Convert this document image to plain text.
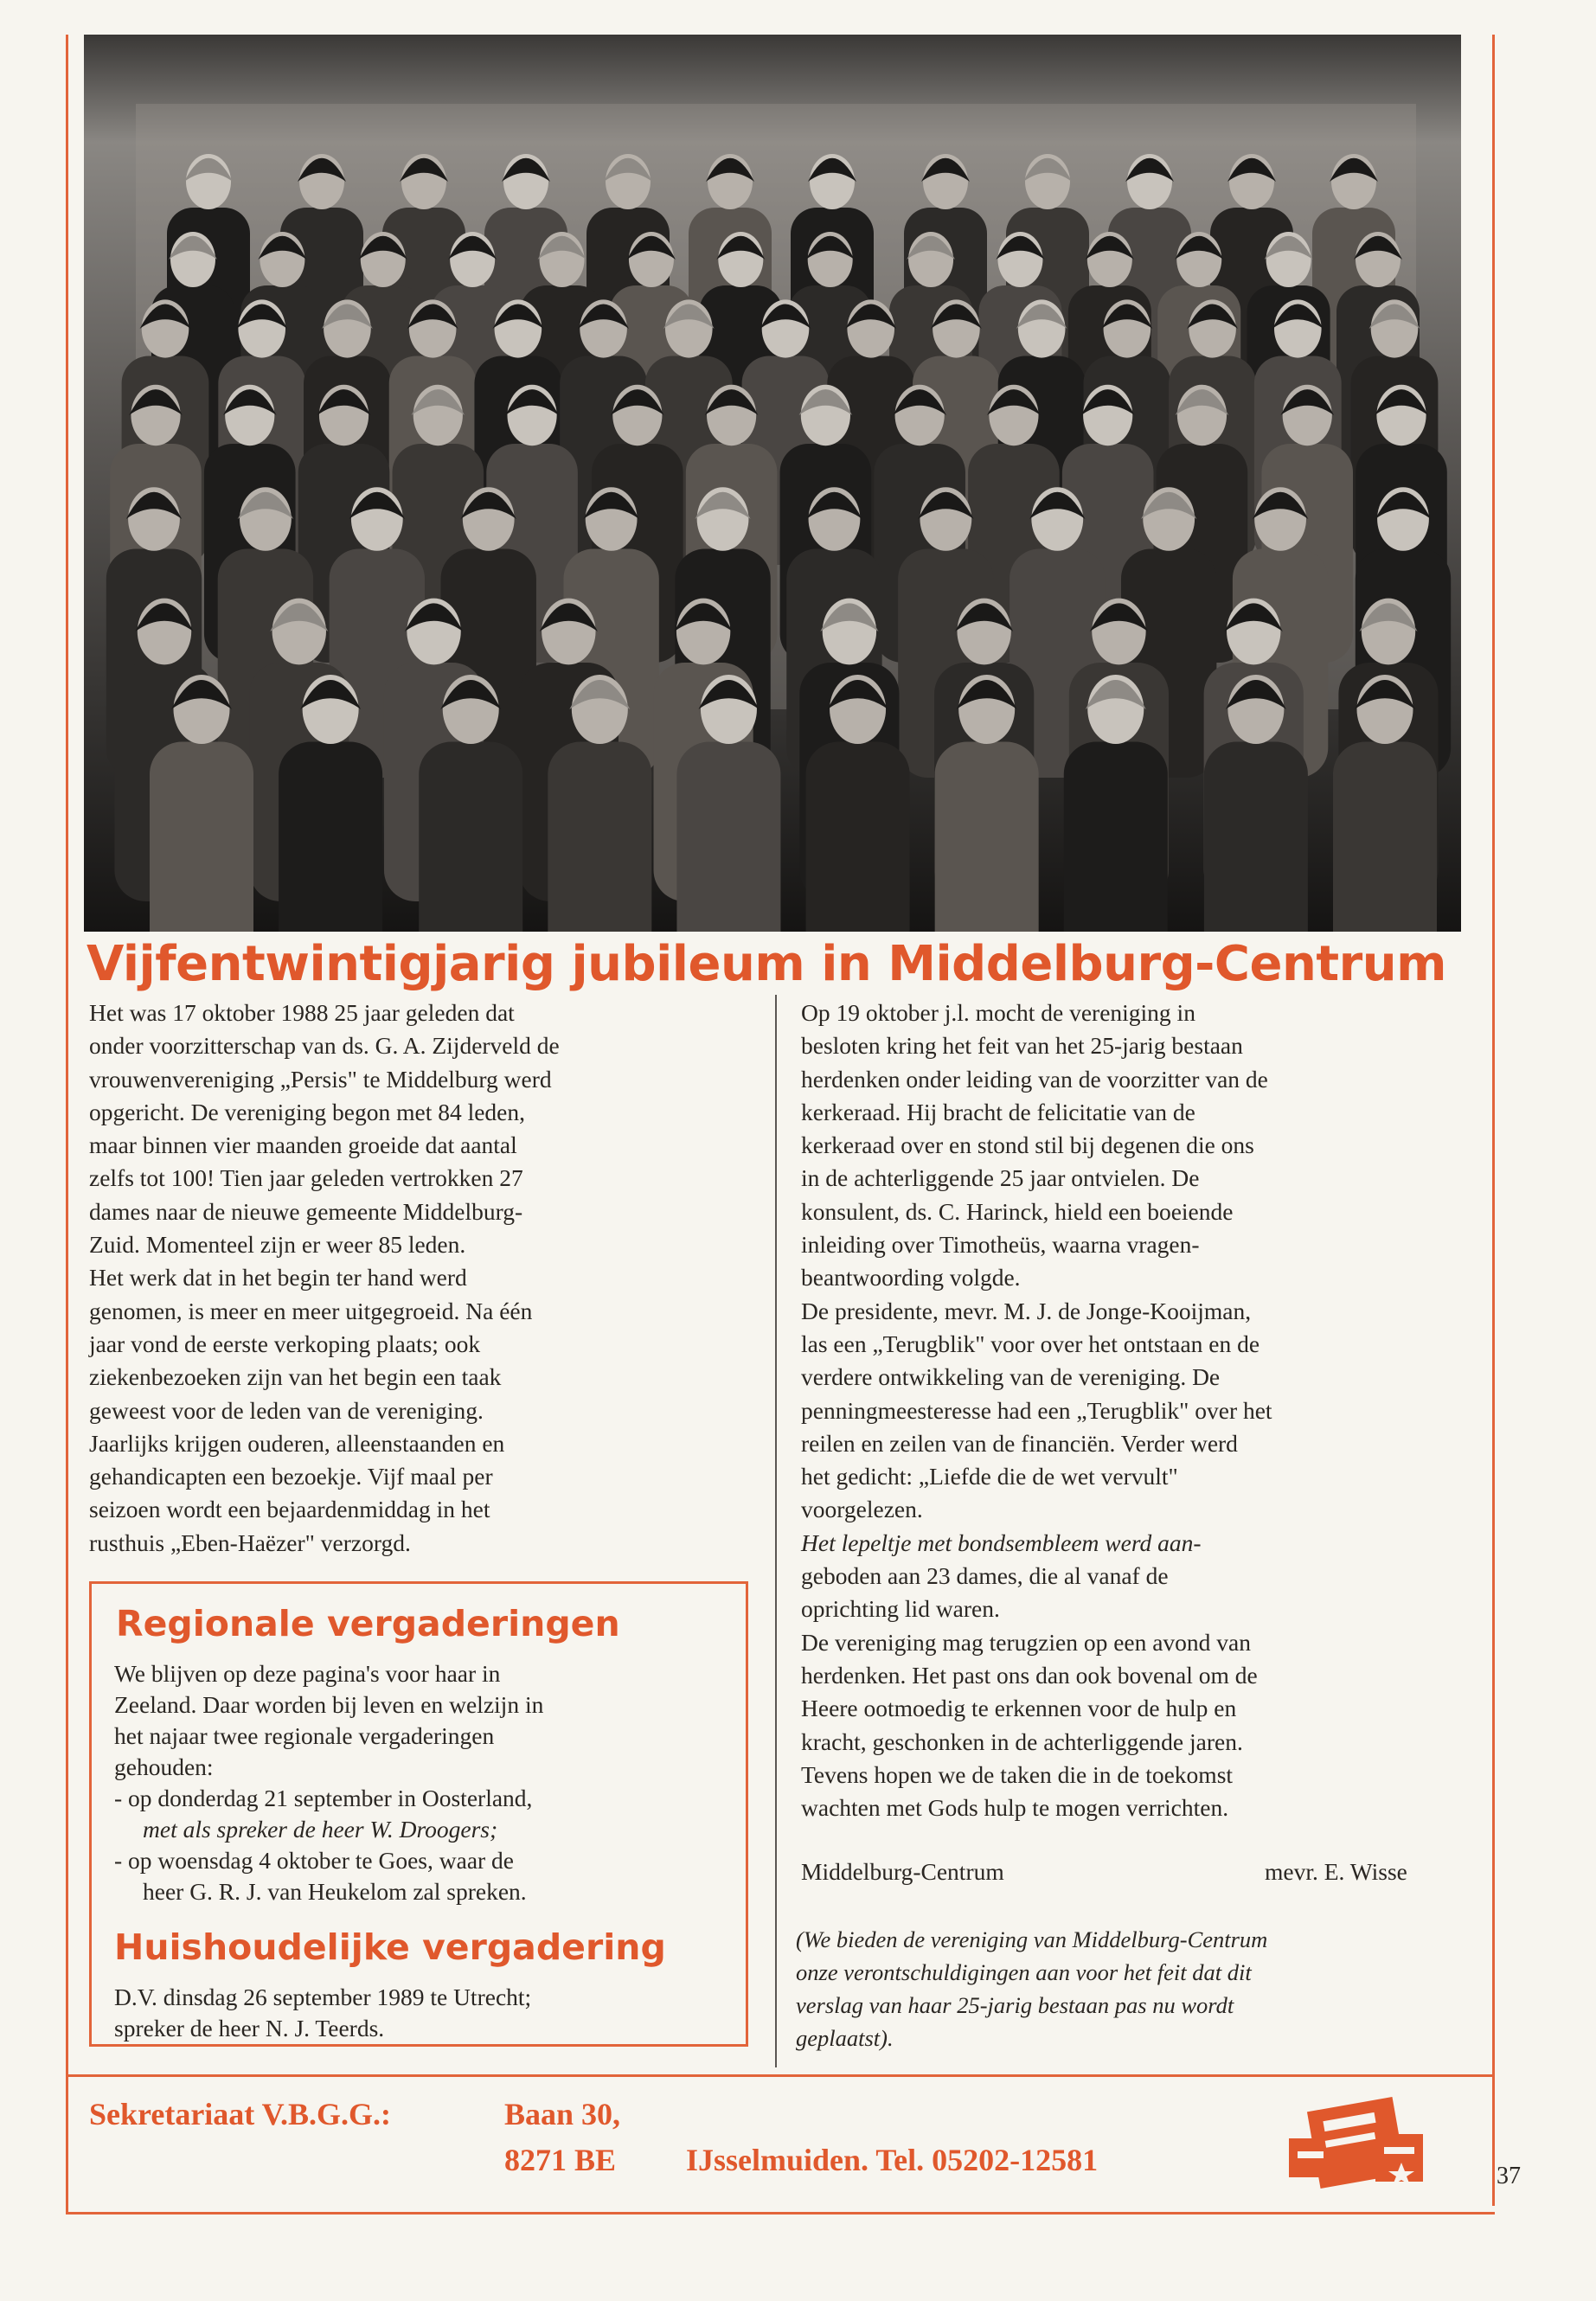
Vijfentwintigjarig jubileum in Middelburg-Centrum

Het was 17 oktober 1988 25 jaar geleden dat

onder voorzitterschap van ds. G. A. Zijderveld de

vrouwenvereniging „Persis" te Middelburg werd

opgericht. De vereniging begon met 84 leden,

maar binnen vier maanden groeide dat aantal

zelfs tot 100! Tien jaar geleden vertrokken 27

dames naar de nieuwe gemeente Middelburg-

Zuid. Momenteel zijn er weer 85 leden.

Het werk dat in het begin ter hand werd

genomen, is meer en meer uitgegroeid. Na één

jaar vond de eerste verkoping plaats; ook

ziekenbezoeken zijn van het begin een taak

geweest voor de leden van de vereniging.

Jaarlijks krijgen ouderen, alleenstaanden en

gehandicapten een bezoekje. Vijf maal per

seizoen wordt een bejaardenmiddag in het

rusthuis „Eben-Haëzer" verzorgd.

Op 19 oktober j.l. mocht de vereniging in

besloten kring het feit van het 25-jarig bestaan

herdenken onder leiding van de voorzitter van de

kerkeraad. Hij bracht de felicitatie van de

kerkeraad over en stond stil bij degenen die ons

in de achterliggende 25 jaar ontvielen. De

konsulent, ds. C. Harinck, hield een boeiende

inleiding over Timotheüs, waarna vragen-

beantwoording volgde.

De presidente, mevr. M. J. de Jonge-Kooijman,

las een „Terugblik" voor over het ontstaan en de

verdere ontwikkeling van de vereniging. De

penningmeesteresse had een „Terugblik" over het

reilen en zeilen van de financiën. Verder werd

het gedicht: „Liefde die de wet vervult"

voorgelezen.

Het lepeltje met bondsembleem werd aan-

geboden aan 23 dames, die al vanaf de

oprichting lid waren.

De vereniging mag terugzien op een avond van

herdenken. Het past ons dan ook bovenal om de

Heere ootmoedig te erkennen voor de hulp en

kracht, geschonken in de achterliggende jaren.

Tevens hopen we de taken die in de toekomst

wachten met Gods hulp te mogen verrichten.

Middelburg-Centrum	mevr. E. Wisse
(We bieden de vereniging van Middelburg-Centrum
onze verontschuldigingen aan voor het feit dat dit
verslag van haar 25-jarig bestaan pas nu wordt
geplaatst).
Regionale vergaderingen

We blijven op deze pagina's voor haar in

Zeeland. Daar worden bij leven en welzijn in

het najaar twee regionale vergaderingen

gehouden:

- op donderdag 21 september in Oosterland,

met als spreker de heer W. Droogers;

- op woensdag 4 oktober te Goes, waar de

heer G. R. J. van Heukelom zal spreken.

Huishoudelijke vergadering

D.V. dinsdag 26 september 1989 te Utrecht;

spreker de heer N. J. Teerds.

Sekretariaat V.B.G.G.:	Baan 30,
8271 BE IJsselmuiden. Tel. 05202-12581	37
